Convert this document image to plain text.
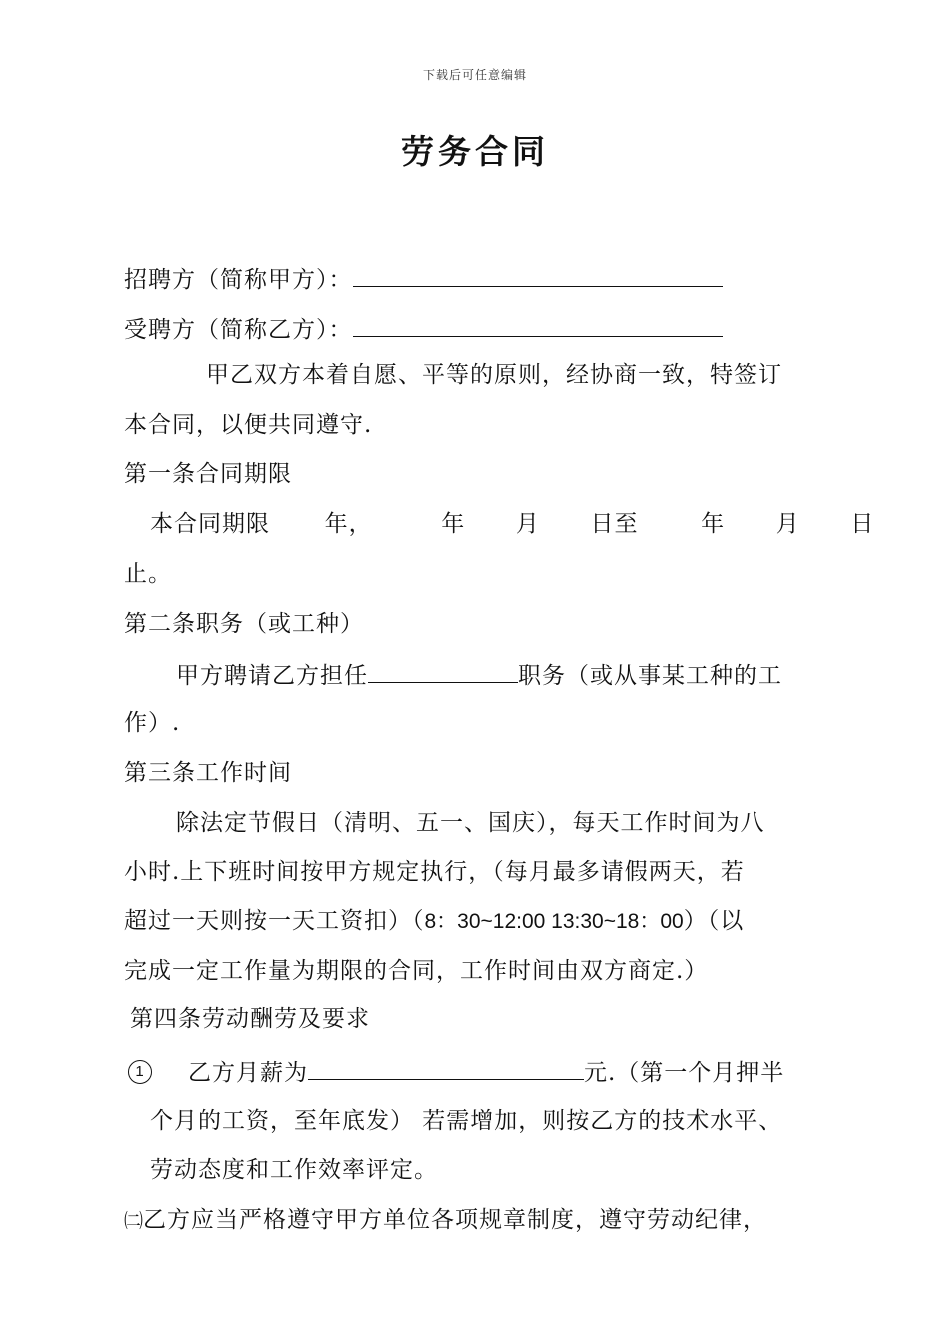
下载后可任意编辑
劳务合同
招聘方（简称甲方）：
受聘方（简称乙方）：
甲乙双方本着自愿、平等的原则，经协商一致，特签订
本合同，以便共同遵守.
第一条合同期限
本合同期限 年，	年 月 日至	年 月 日
止。
第二条职务（或工种）
甲方聘请乙方担任	职务（或从事某工种的工
作）.
第三条工作时间
除法定节假日（清明、五一、国庆），每天工作时间为八
小时.上下班时间按甲方规定执行，（每月最多请假两天，若
超过一天则按一天工资扣）（8：30~12:00 13:30~18：00）（以
完成一定工作量为期限的合同，工作时间由双方商定.）
第四条劳动酬劳及要求
1 乙方月薪为	元.（第一个月押半
个月的工资，至年底发） 若需增加，则按乙方的技术水平、
劳动态度和工作效率评定。
㈡乙方应当严格遵守甲方单位各项规章制度，遵守劳动纪律，
